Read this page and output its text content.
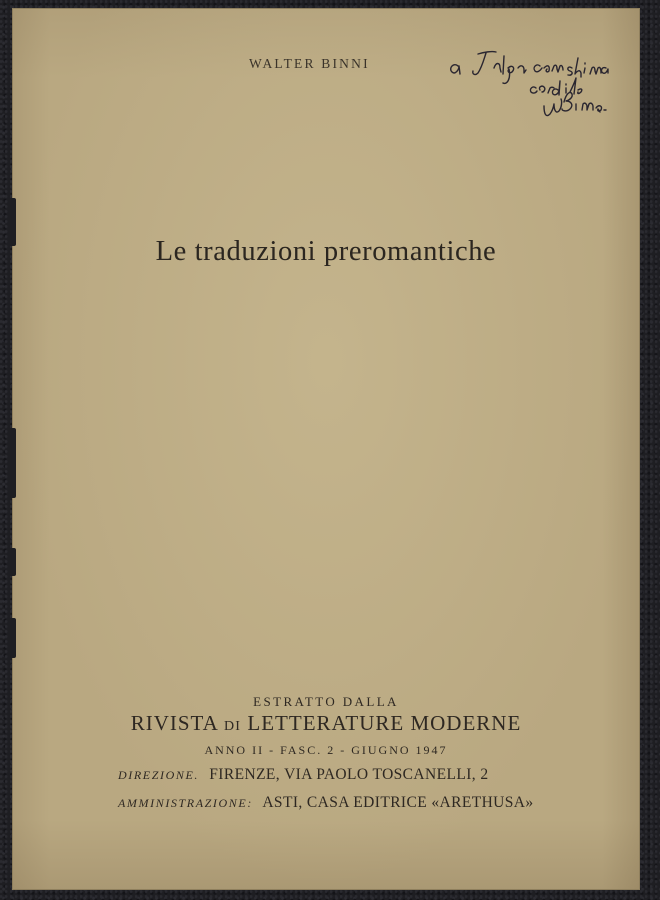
WALTER BINNI
Le traduzioni preromantiche
ESTRATTO DALLA
RIVISTA DI LETTERATURE MODERNE
ANNO II - FASC. 2 - GIUGNO 1947
DIREZIONE. FIRENZE, VIA PAOLO TOSCANELLI, 2
AMMINISTRAZIONE: ASTI, CASA EDITRICE «ARETHUSA»
